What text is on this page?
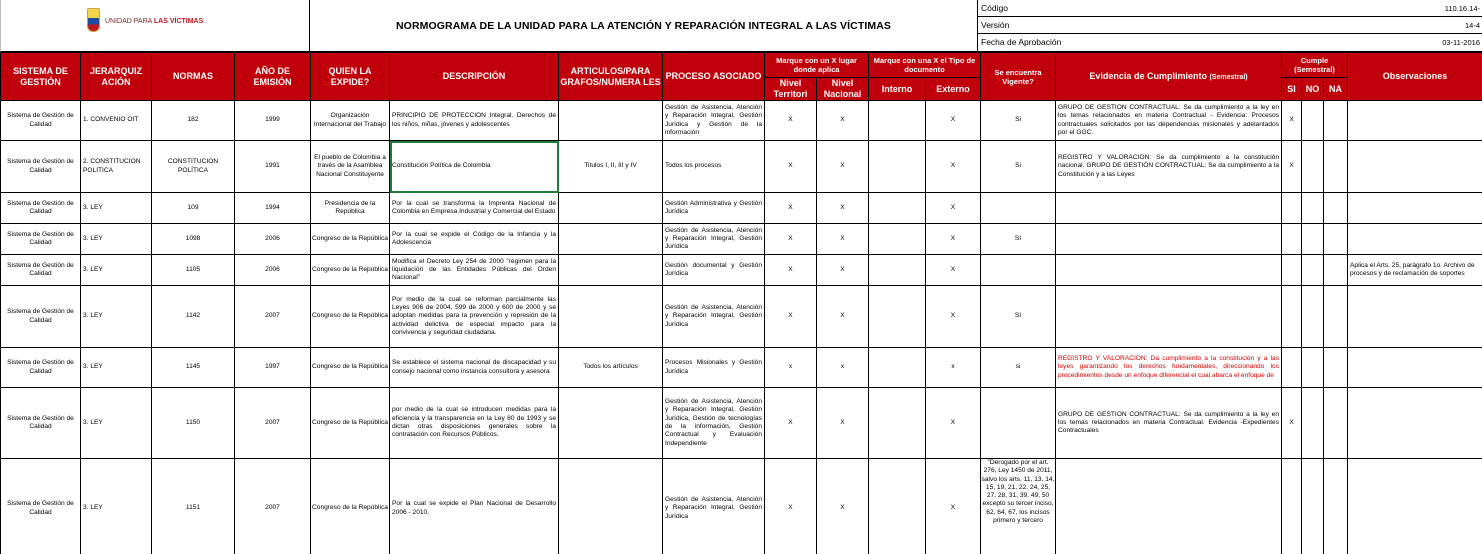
UNIDAD PARA LAS VÍCTIMAS	NORMOGRAMA DE LA UNIDAD PARA LA ATENCIÓN Y REPARACIÓN INTEGRAL A LAS VÍCTIMAS
Código	110.16.14-
Versión	14-4
Fecha de Aprobación	03-11-2016
SISTEMA DE GESTIÓN	JERARQUIZ ACIÓN	NORMAS	AÑO DE EMISIÓN	QUIEN LA EXPIDE?	DESCRIPCIÓN	ARTICULOS/PARA GRAFOS/NUMERA LES	PROCESO ASOCIADO	Marque con un X lugar donde aplica		Marque con una X el Tipo de documento		Se encuentra Vigente?	Evidencia de Cumplimiento (Semestral)	Cumple (Semestral)			Observaciones
								Nivel Territori	Nivel Nacional	Interno	Externo			SI	NO	NA	

Sistema de Gestión de Calidad	1. CONVENIO OIT	182	1999	Organización Internacional del Trabajo	PRINCIPIO DE PROTECCIÓN Integral. Derechos de los niños, niñas, jóvenes y adolescentes		Gestión de Asistencia, Atención y Reparación Integral, Gestión Jurídica y Gestión de la información	X	X		X	Si	GRUPO DE GESTIÓN CONTRACTUAL: Se da cumplimiento a la ley en los temas relacionados en materia Contractual - Evidencia: Procesos contractuales solicitados por las dependencias misionales y adelantados por el GGC.	X			

Sistema de Gestión de Calidad	2. CONSTITUCION POLITICA	CONSTITUCIÓN POLÍTICA	1991	El pueblo de Colombia a través de la Asamblea Nacional Constituyente	Constitución Política de Colombia	Titulos I, II, III y IV	Todos los procesos	X	X		X	Si	REGISTRO Y VALORACIÓN: Se da cumplimiento a la constitución nacional. GRUPO DE GESTIÓN CONTRACTUAL: Se da cumplimiento a la Constitución y a las Leyes	X			

Sistema de Gestión de Calidad	3. LEY	109	1994	Presidencia de la República	Por la cual se transforma la Imprenta Nacional de Colombia en Empresa Industrial y Comercial del Estado		Gestión Administrativa y Gestión Jurídica	X	X		X						

Sistema de Gestión de Calidad	3. LEY	1098	2006	Congreso de la República	Por la cual se expide el Código de la Infancia y la Adolescencia		Gestión de Asistencia, Atención y Reparación Integral, Gestión Jurídica	X	X		X	SI					

Sistema de Gestión de Calidad	3. LEY	1105	2006	Congreso de la República	Modifica el Decreto Ley 254 de 2000 "régimen para la liquidación de las Entidades Públicas del Orden Nacional"		Gestión documental y Gestión Jurídica	X	X		X						Aplica el Arts. 25, parágrafo 1o. Archivo de procesos y de reclamación de soportes

Sistema de Gestión de Calidad	3. LEY	1142	2007	Congreso de la República	Por medio de la cual se reforman parcialmente las Leyes 906 de 2004, 599 de 2000 y 600 de 2000 y se adoptan medidas para la prevención y represión de la actividad delictiva de especial impacto para la convivencia y seguridad ciudadana.		Gestión de Asistencia, Atención y Reparación Integral, Gestión Jurídica	X	X		X	SI					

Sistema de Gestión de Calidad	3. LEY	1145	1997	Congreso de la República	Se establece el sistema nacional de discapacidad y su consejo nacional como instancia consultora y asesora	Todos los artículos	Procesos Misionales y Gestión Jurídica	x	x		x	si	REGISTRO Y VALORACIÓN: Da cumplimiento a la constitución y a las leyes garantizando los derechos fundamentales, direccionando los procedimientos desde un enfoque diferencial el cual abarca el enfoque de				

Sistema de Gestión de Calidad	3. LEY	1150	2007	Congreso de la República	por medio de la cual se introducen medidas para la eficiencia y la transparencia en la Ley 80 de 1993 y se dictan otras disposiciones generales sobre la contratación con Recursos Públicos.		Gestión de Asistencia, Atención y Reparación Integral, Gestión Jurídica, Gestión de tecnologías de la información, Gestión Contractual y Evaluación Independiente	X	X		X		GRUPO DE GESTIÓN CONTRACTUAL: Se da cumplimiento a la ley en los temas relacionados en materia Contractual. Evidencia -Expedientes Contractuales	X			

Sistema de Gestión de Calidad	3. LEY	1151	2007	Congreso de la República	Por la cual se expide el Plan Nacional de Desarrollo 2006 - 2010.		Gestión de Asistencia, Atención y Reparación Integral, Gestión Jurídica	X	X		X	"Derogado por el art. 276, Ley 1450 de 2011, salvo los arts. 11, 13, 14, 15, 19, 21, 22, 24, 25, 27, 28, 31, 39, 49, 50 excepto su tercer inciso, 62, 64, 67, los incisos primero y tercero					
